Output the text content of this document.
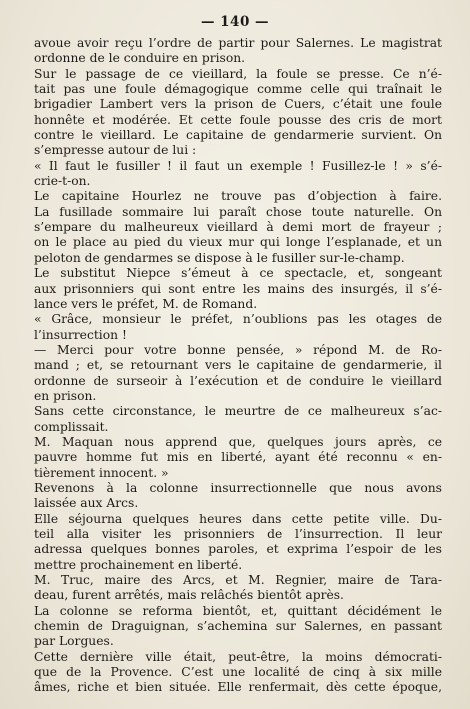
— 140 —
avoue avoir reçu l’ordre de partir pour Salernes. Le magistrat
ordonne de le conduire en prison.
Sur le passage de ce vieillard, la foule se presse. Ce n’é-
tait pas une foule démagogique comme celle qui traînait le
brigadier Lambert vers la prison de Cuers, c’était une foule
honnête et modérée. Et cette foule pousse des cris de mort
contre le vieillard. Le capitaine de gendarmerie survient. On
s’empresse autour de lui :
« Il faut le fusiller ! il faut un exemple ! Fusillez-le ! » s’é-
crie-t-on.
Le capitaine Hourlez ne trouve pas d’objection à faire.
La fusillade sommaire lui paraît chose toute naturelle. On
s’empare du malheureux vieillard à demi mort de frayeur ;
on le place au pied du vieux mur qui longe l’esplanade, et un
peloton de gendarmes se dispose à le fusiller sur-le-champ.
Le substitut Niepce s’émeut à ce spectacle, et, songeant
aux prisonniers qui sont entre les mains des insurgés, il s’é-
lance vers le préfet, M. de Romand.
« Grâce, monsieur le préfet, n’oublions pas les otages de
l’insurrection !
— Merci pour votre bonne pensée, » répond M. de Ro-
mand ; et, se retournant vers le capitaine de gendarmerie, il
ordonne de surseoir à l’exécution et de conduire le vieillard
en prison.
Sans cette circonstance, le meurtre de ce malheureux s’ac-
complissait.
M. Maquan nous apprend que, quelques jours après, ce
pauvre homme fut mis en liberté, ayant été reconnu « en-
tièrement innocent. »
Revenons à la colonne insurrectionnelle que nous avons
laissée aux Arcs.
Elle séjourna quelques heures dans cette petite ville. Du-
teil alla visiter les prisonniers de l’insurrection. Il leur
adressa quelques bonnes paroles, et exprima l’espoir de les
mettre prochainement en liberté.
M. Truc, maire des Arcs, et M. Regnier, maire de Tara-
deau, furent arrêtés, mais relâchés bientôt après.
La colonne se reforma bientôt, et, quittant décidément le
chemin de Draguignan, s’achemina sur Salernes, en passant
par Lorgues.
Cette dernière ville était, peut-être, la moins démocrati-
que de la Provence. C’est une localité de cinq à six mille
âmes, riche et bien située. Elle renfermait, dès cette époque,
